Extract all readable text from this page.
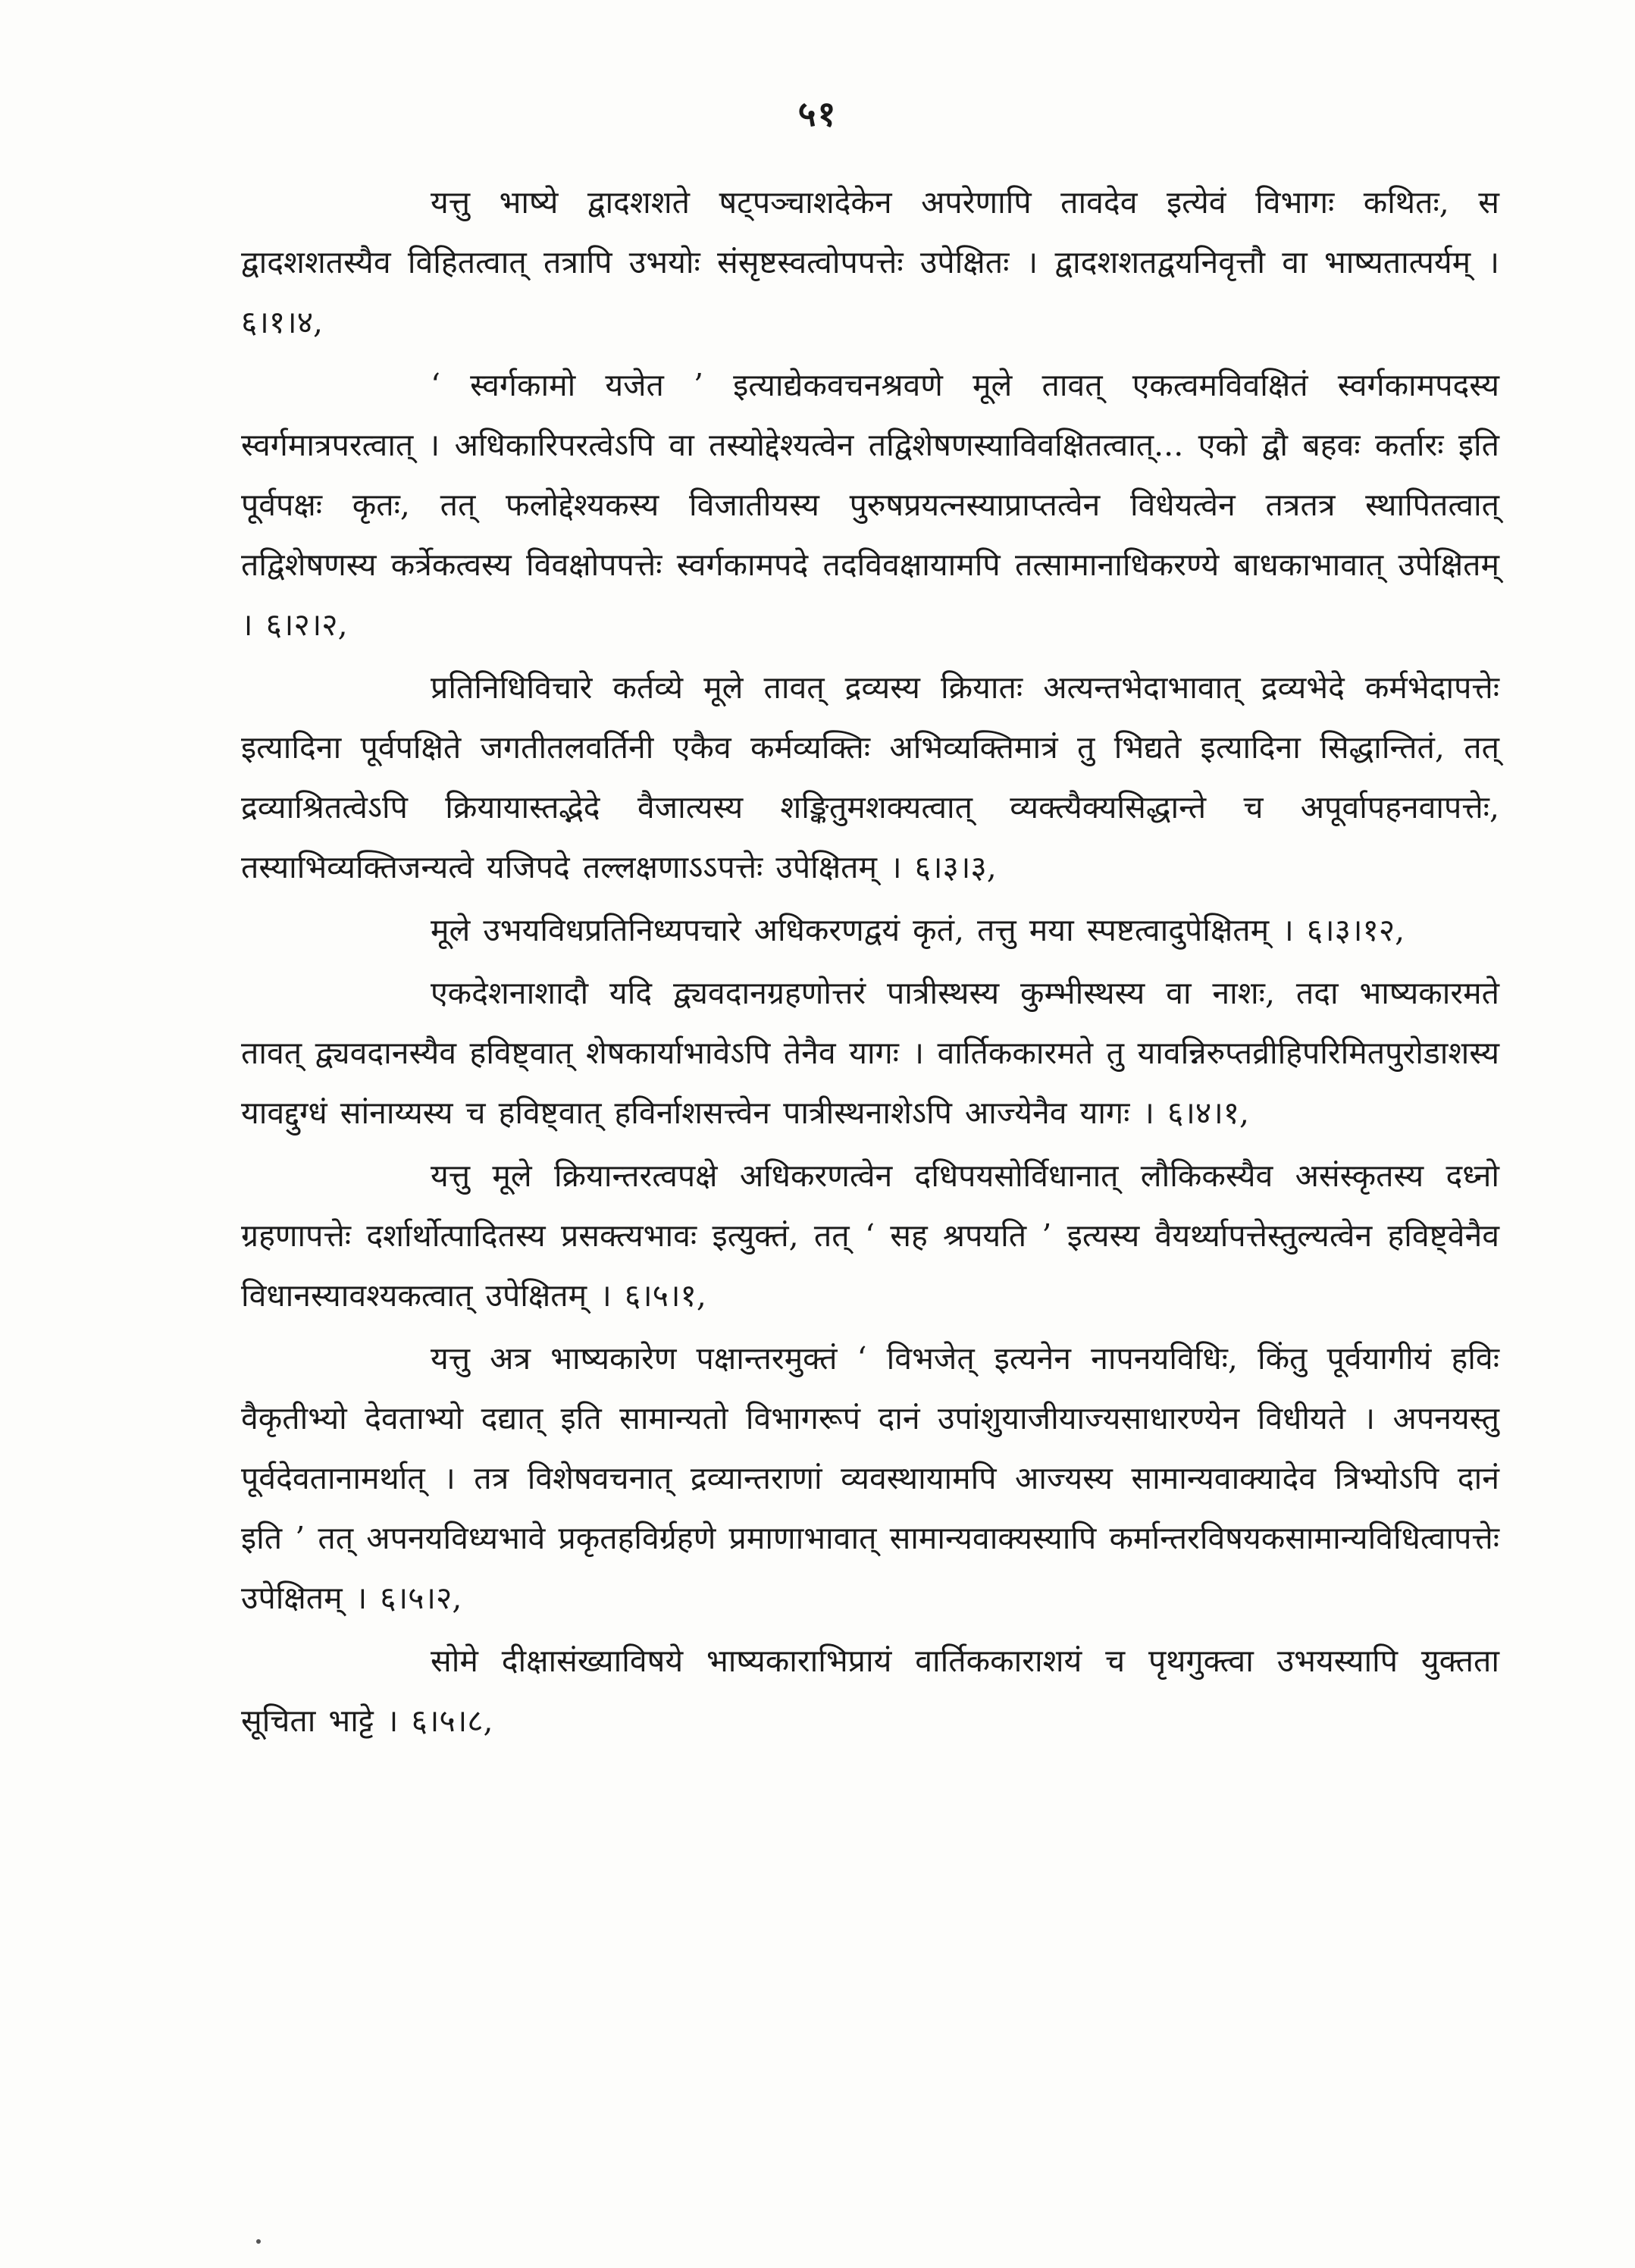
५१

यत्तु भाष्ये द्वादशशते षट्पञ्चाशदेकेन अपरेणापि तावदेव इत्येवं विभागः कथितः, स द्वादशशतस्यैव विहितत्वात् तत्रापि उभयोः संसृष्टस्वत्वोपपत्तेः उपेक्षितः । द्वादशशतद्वयनिवृत्तौ वा भाष्यतात्पर्यम् । ६।१।४,

‘ स्वर्गकामो यजेत ’ इत्याद्येकवचनश्रवणे मूले तावत् एकत्वमविवक्षितं स्वर्गकामपदस्य स्वर्गमात्रपरत्वात् । अधिकारिपरत्वेऽपि वा तस्योद्देश्यत्वेन तद्विशेषणस्याविवक्षितत्वात्... एको द्वौ बहवः कर्तारः इति पूर्वपक्षः कृतः, तत् फलोद्देश्यकस्य विजातीयस्य पुरुषप्रयत्नस्याप्राप्तत्वेन विधेयत्वेन तत्रतत्र स्थापितत्वात् तद्विशेषणस्य कर्त्रेकत्वस्य विवक्षोपपत्तेः स्वर्गकामपदे तदविवक्षायामपि तत्सामानाधिकरण्ये बाधकाभावात् उपेक्षितम् । ६।२।२,

प्रतिनिधिविचारे कर्तव्ये मूले तावत् द्रव्यस्य क्रियातः अत्यन्तभेदाभावात् द्रव्यभेदे कर्मभेदापत्तेः इत्यादिना पूर्वपक्षिते जगतीतलवर्तिनी एकैव कर्मव्यक्तिः अभिव्यक्तिमात्रं तु भिद्यते इत्यादिना सिद्धान्तितं, तत् द्रव्याश्रितत्वेऽपि क्रियायास्तद्भेदे वैजात्यस्य शङ्कितुमशक्यत्वात् व्यक्त्यैक्यसिद्धान्ते च अपूर्वापहनवापत्तेः, तस्याभिव्यक्तिजन्यत्वे यजिपदे तल्लक्षणाऽऽपत्तेः उपेक्षितम् । ६।३।३,

मूले उभयविधप्रतिनिध्यपचारे अधिकरणद्वयं कृतं, तत्तु मया स्पष्टत्वादुपेक्षितम् । ६।३।१२,

एकदेशनाशादौ यदि द्व्यवदानग्रहणोत्तरं पात्रीस्थस्य कुम्भीस्थस्य वा नाशः, तदा भाष्यकारमते तावत् द्व्यवदानस्यैव हविष्ट्वात् शेषकार्याभावेऽपि तेनैव यागः । वार्तिककारमते तु यावन्निरुप्तव्रीहिपरिमितपुरोडाशस्य यावद्दुग्धं सांनाय्यस्य च हविष्ट्वात् हविर्नाशसत्त्वेन पात्रीस्थनाशेऽपि आज्येनैव यागः । ६।४।१,

यत्तु मूले क्रियान्तरत्वपक्षे अधिकरणत्वेन दधिपयसोर्विधानात् लौकिकस्यैव असंस्कृतस्य दध्नो ग्रहणापत्तेः दर्शार्थोत्पादितस्य प्रसक्त्यभावः इत्युक्तं, तत् ‘ सह श्रपयति ’ इत्यस्य वैयर्थ्यापत्तेस्तुल्यत्वेन हविष्ट्वेनैव विधानस्यावश्यकत्वात् उपेक्षितम् । ६।५।१,

यत्तु अत्र भाष्यकारेण पक्षान्तरमुक्तं ‘ विभजेत् इत्यनेन नापनयविधिः, किंतु पूर्वयागीयं हविः वैकृतीभ्यो देवताभ्यो दद्यात् इति सामान्यतो विभागरूपं दानं उपांशुयाजीयाज्यसाधारण्येन विधीयते । अपनयस्तु पूर्वदेवतानामर्थात् । तत्र विशेषवचनात् द्रव्यान्तराणां व्यवस्थायामपि आज्यस्य सामान्यवाक्यादेव त्रिभ्योऽपि दानं इति ’ तत् अपनयविध्यभावे प्रकृतहविर्ग्रहणे प्रमाणाभावात् सामान्यवाक्यस्यापि कर्मान्तरविषयकसामान्यविधित्वापत्तेः उपेक्षितम् । ६।५।२,

सोमे दीक्षासंख्याविषये भाष्यकाराभिप्रायं वार्तिककाराशयं च पृथगुक्त्वा उभयस्यापि युक्तता सूचिता भाट्टे । ६।५।८,
